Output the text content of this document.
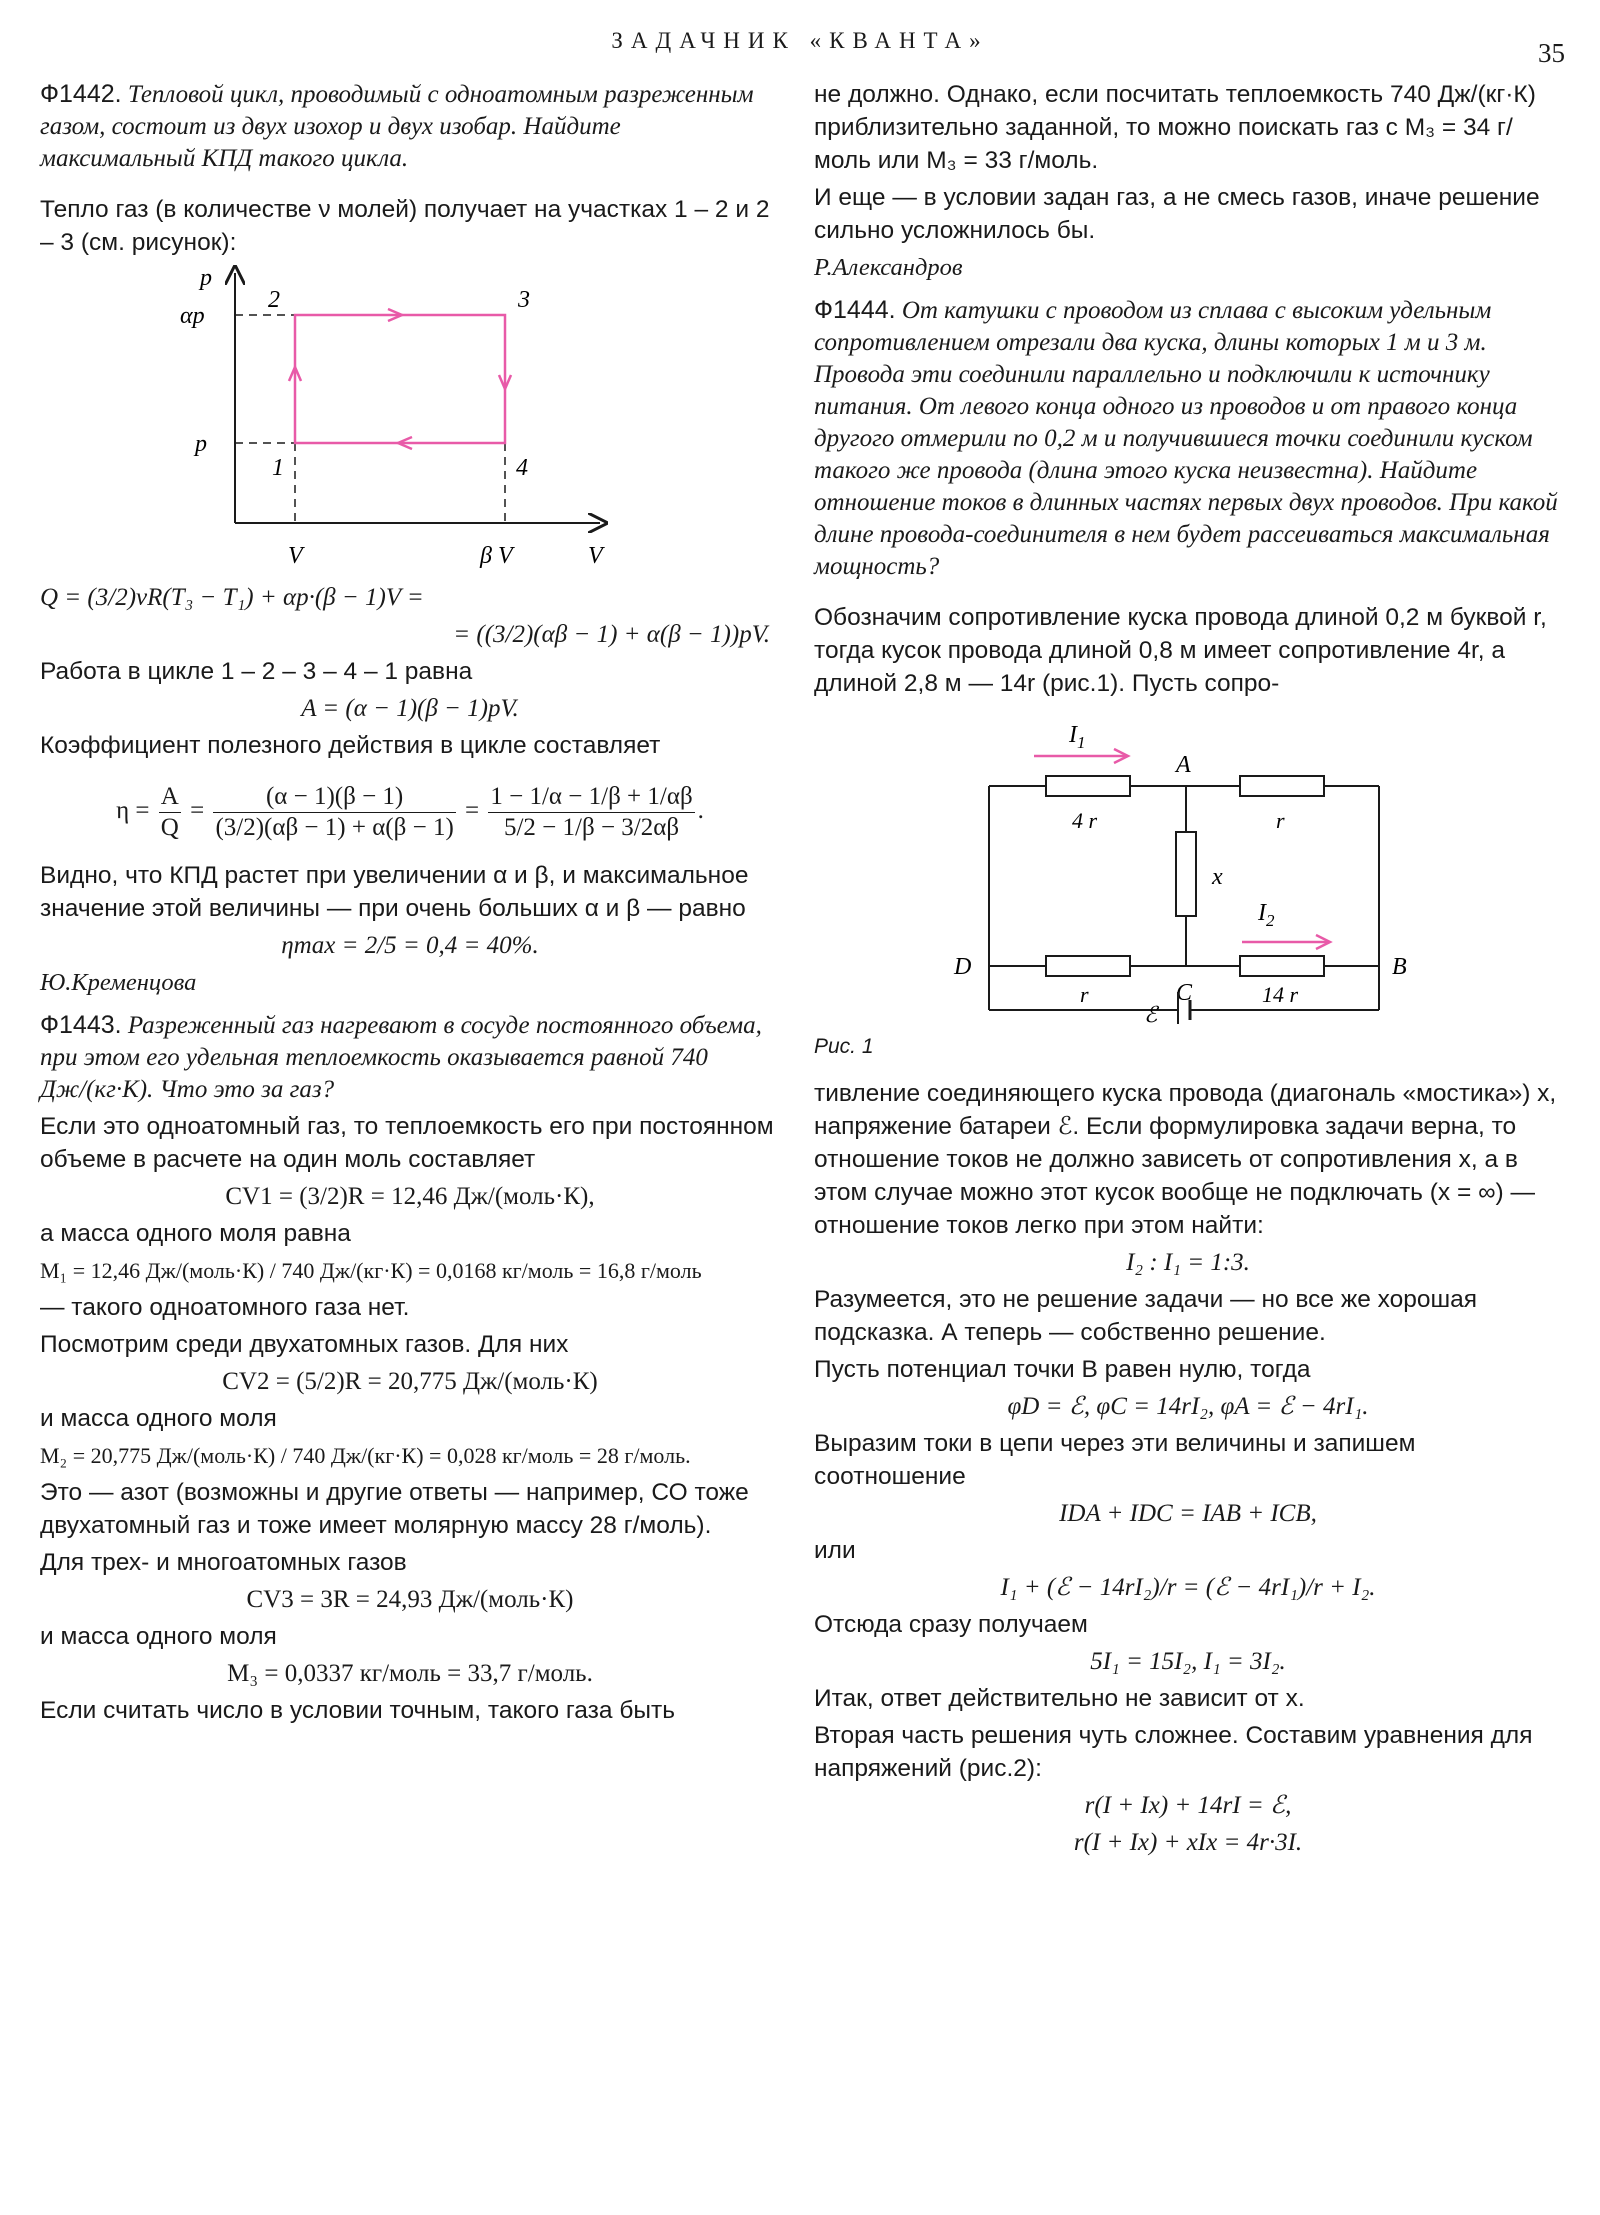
ЗАДАЧНИК «КВАНТА»	35

Ф1442. Тепловой цикл, проводимый с одноатомным разреженным газом, состоит из двух изохор и двух изобар. Найдите максимальный КПД такого цикла.

Тепло газ (в количестве ν молей) получает на участках 1 – 2 и 2 – 3 (см. рисунок):

p
V
αp
p
V	β V
1
2	3
4
Q = (3/2)νR(T₃ − T₁) + αp·(β − 1)V =
= ((3/2)(αβ − 1) + α(β − 1))pV.

Работа в цикле 1 – 2 – 3 – 4 – 1 равна

A = (α − 1)(β − 1)pV.

Коэффициент полезного действия в цикле составляет

$\eta = \frac{A}{Q} = \frac{(\alpha - 1)(\beta - 1)}{(3/2)(\alpha\beta - 1) + \alpha(\beta - 1)} = \frac{1 - 1/\alpha - 1/\beta + 1/\alpha\beta}{5/2 - 1/\beta - 3/2\alpha\beta}$ .

Видно, что КПД растет при увеличении α и β, и максимальное значение этой величины — при очень больших α и β — равно

ηmax = 2/5 = 0,4 = 40%.

Ю.Кременцова

Ф1443. Разреженный газ нагревают в сосуде постоянного объема, при этом его удельная теплоемкость оказывается равной 740 Дж/(кг·К). Что это за газ?

Если это одноатомный газ, то теплоемкость его при постоянном объеме в расчете на один моль составляет

CV1 = (3/2)R = 12,46 Дж/(моль·К),

а масса одного моля равна

M₁ = 12,46 Дж/(моль·К) / 740 Дж/(кг·К) = 0,0168 кг/моль = 16,8 г/моль

— такого одноатомного газа нет.

Посмотрим среди двухатомных газов. Для них

CV2 = (5/2)R = 20,775 Дж/(моль·К)

и масса одного моля

M₂ = 20,775 Дж/(моль·К) / 740 Дж/(кг·К) = 0,028 кг/моль = 28 г/моль.

Это — азот (возможны и другие ответы — например, СО тоже двухатомный газ и тоже имеет молярную массу 28 г/моль).

Для трех- и многоатомных газов

CV3 = 3R = 24,93 Дж/(моль·К)

и масса одного моля

M₃ = 0,0337 кг/моль = 33,7 г/моль.

Если считать число в условии точным, такого газа быть

не должно. Однако, если посчитать теплоемкость 740 Дж/(кг·К) приблизительно заданной, то можно поискать газ с M₃ = 34 г/моль или M₃ = 33 г/моль.

И еще — в условии задан газ, а не смесь газов, иначе решение сильно усложнилось бы.

Р.Александров

Ф1444. От катушки с проводом из сплава с высоким удельным сопротивлением отрезали два куска, длины которых 1 м и 3 м. Провода эти соединили параллельно и подключили к источнику питания. От левого конца одного из проводов и от правого конца другого отмерили по 0,2 м и получившиеся точки соединили куском такого же провода (длина этого куска неизвестна). Найдите отношение токов в длинных частях первых двух проводов. При какой длине провода-соединителя в нем будет рассеиваться максимальная мощность?

Обозначим сопротивление куска провода длиной 0,2 м буквой r, тогда кусок провода длиной 0,8 м имеет сопротивление 4r, а длиной 2,8 м — 14r (рис.1). Пусть сопро-

$I_1$
A
4 r	r
x
$I_2$
D	B
C
r	14 r
ℰ
Рис. 1

тивление соединяющего куска провода (диагональ «мостика») x, напряжение батареи ℰ. Если формулировка задачи верна, то отношение токов не должно зависеть от сопротивления x, а в этом случае можно этот кусок вообще не подключать (x = ∞) — отношение токов легко при этом найти:

I₂ : I₁ = 1:3.

Разумеется, это не решение задачи — но все же хорошая подсказка. А теперь — собственно решение.

Пусть потенциал точки B равен нулю, тогда

φD = ℰ, φC = 14rI₂, φA = ℰ − 4rI₁.

Выразим токи в цепи через эти величины и запишем соотношение

IDA + IDC = IAB + ICB,

или

I₁ + (ℰ − 14rI₂)/r = (ℰ − 4rI₁)/r + I₂.

Отсюда сразу получаем

5I₁ = 15I₂, I₁ = 3I₂.

Итак, ответ действительно не зависит от x.

Вторая часть решения чуть сложнее. Составим уравнения для напряжений (рис.2):

r(I + Ix) + 14rI = ℰ,
r(I + Ix) + xIx = 4r·3I.
